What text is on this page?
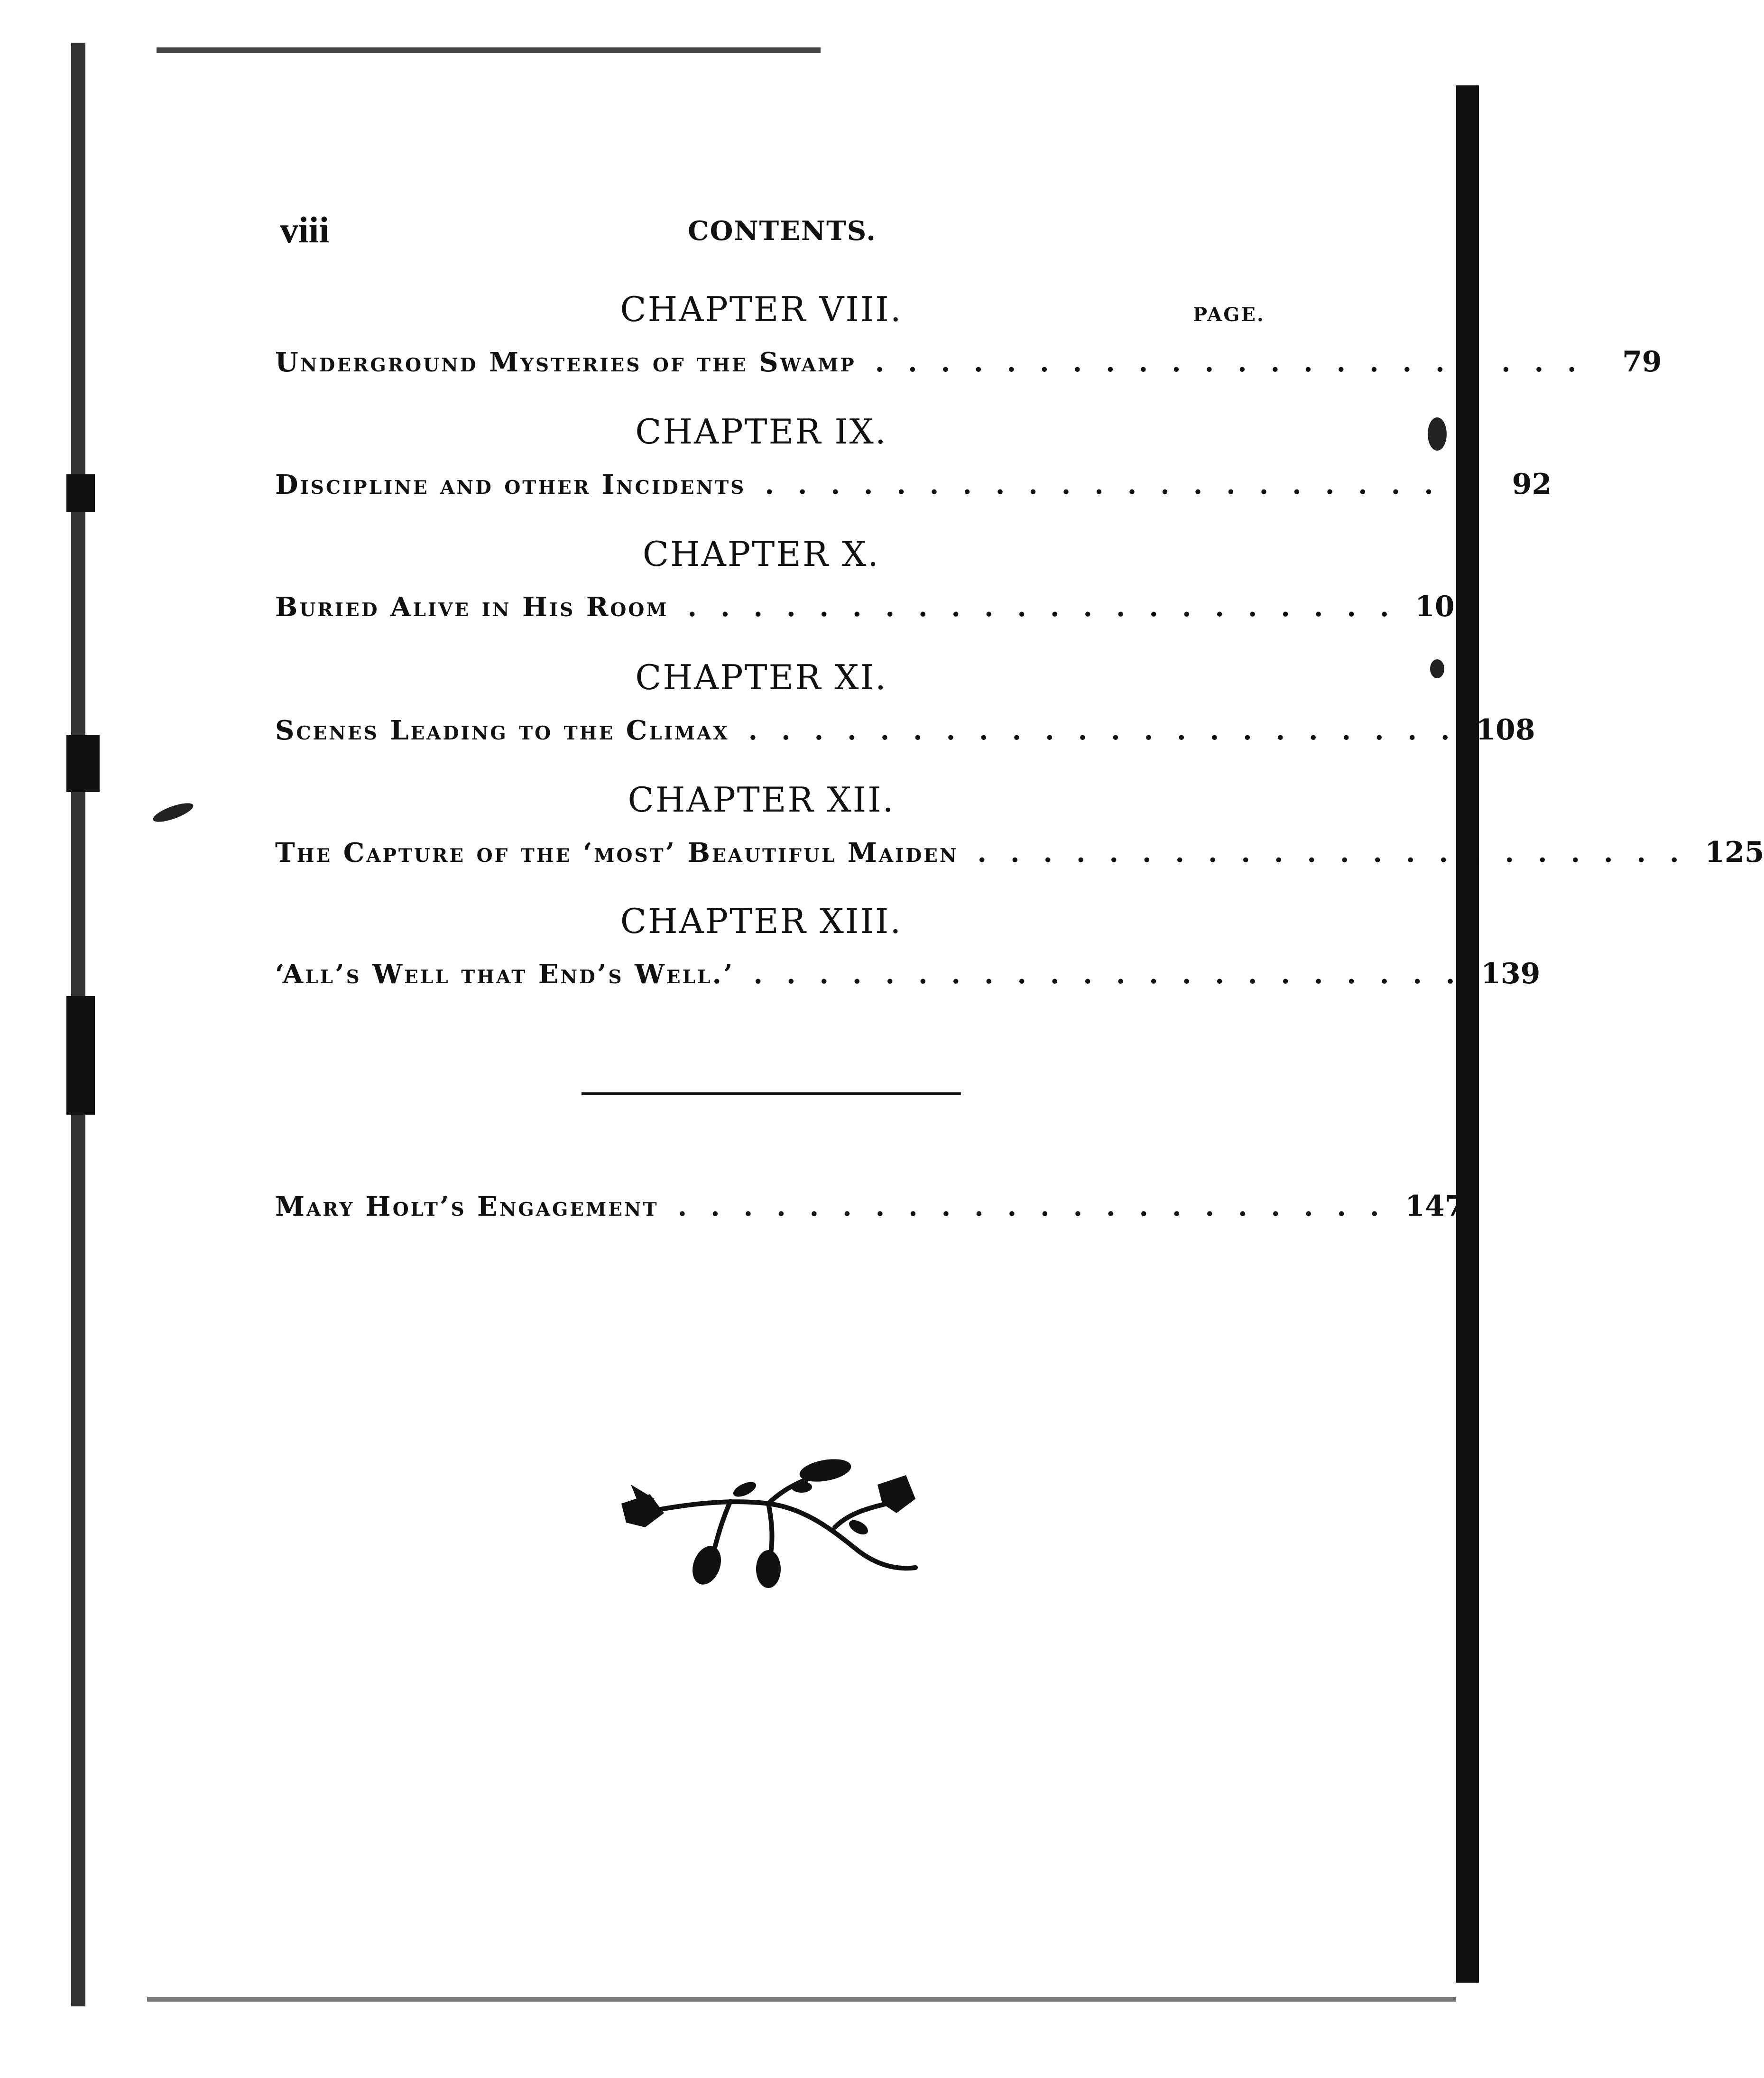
viii	CONTENTS.
PAGE.
CHAPTER VIII.
Underground Mysteries of the Swamp ...................... 79
CHAPTER IX.
Discipline and other Incidents ...................... 92
CHAPTER X.
Buried Alive in His Room ...................... 102
CHAPTER XI.
Scenes Leading to the Climax ...................... 108
CHAPTER XII.
The Capture of the ‘most’ Beautiful Maiden ...................... 125
CHAPTER XIII.
‘All’s Well that End’s Well.’ ...................... 139
Mary Holt’s Engagement ...................... 147
